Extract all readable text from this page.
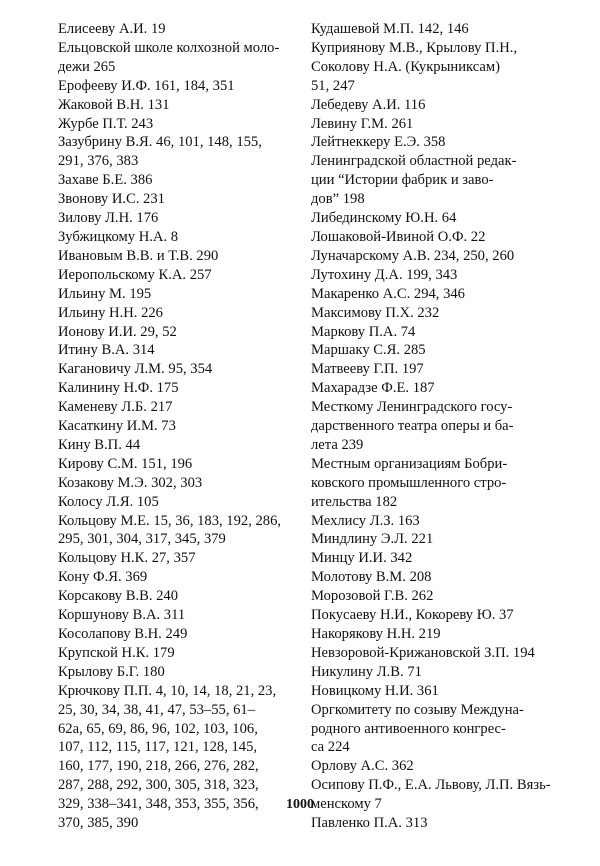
Елисееву А.И. 19

Ельцовской школе колхозной моло-
дежи 265

Ерофееву И.Ф. 161, 184, 351

Жаковой В.Н. 131

Журбе П.Т. 243

Зазубрину В.Я. 46, 101, 148, 155,
291, 376, 383

Захаве Б.Е. 386

Звонову И.С. 231

Зилову Л.Н. 176

Зубжицкому Н.А. 8

Ивановым В.В. и Т.В. 290

Иеропольскому К.А. 257

Ильину М. 195

Ильину Н.Н. 226

Ионову И.И. 29, 52

Итину В.А. 314

Кагановичу Л.М. 95, 354

Калинину Н.Ф. 175

Каменеву Л.Б. 217

Касаткину И.М. 73

Кину В.П. 44

Кирову С.М. 151, 196

Козакову М.Э. 302, 303

Колосу Л.Я. 105

Кольцову М.Е. 15, 36, 183, 192, 286,
295, 301, 304, 317, 345, 379

Кольцову Н.К. 27, 357

Кону Ф.Я. 369

Корсакову В.В. 240

Коршунову В.А. 311

Косолапову В.Н. 249

Крупской Н.К. 179

Крылову Б.Г. 180

Крючкову П.П. 4, 10, 14, 18, 21, 23,
25, 30, 34, 38, 41, 47, 53–55, 61–
62а, 65, 69, 86, 96, 102, 103, 106,
107, 112, 115, 117, 121, 128, 145,
160, 177, 190, 218, 266, 276, 282,
287, 288, 292, 300, 305, 318, 323,
329, 338–341, 348, 353, 355, 356,
370, 385, 390

Кудашевой М.П. 142, 146

Куприянову М.В., Крылову П.Н.,
Соколову Н.А. (Кукрыниксам)
51, 247

Лебедеву А.И. 116

Левину Г.М. 261

Лейтнеккеру Е.Э. 358

Ленинградской областной редак-
ции “Истории фабрик и заво-
дов” 198

Либединскому Ю.Н. 64

Лошаковой-Ивиной О.Ф. 22

Луначарскому А.В. 234, 250, 260

Лутохину Д.А. 199, 343

Макаренко А.С. 294, 346

Максимову П.Х. 232

Маркову П.А. 74

Маршаку С.Я. 285

Матвееву Г.П. 197

Махарадзе Ф.Е. 187

Месткому Ленинградского госу-
дарственного театра оперы и ба-
лета 239

Местным организациям Бобри-
ковского промышленного стро-
ительства 182

Мехлису Л.З. 163

Миндлину Э.Л. 221

Минцу И.И. 342

Молотову В.М. 208

Морозовой Г.В. 262

Покусаеву Н.И., Кокореву Ю. 37

Накорякову Н.Н. 219

Невзоровой-Крижановской З.П. 194

Никулину Л.В. 71

Новицкому Н.И. 361

Оргкомитету по созыву Междуна-
родного антивоенного конгрес-
са 224

Орлову А.С. 362

Осипову П.Ф., Е.А. Львову, Л.П. Вязь-
менскому 7

Павленко П.А. 313

1000
